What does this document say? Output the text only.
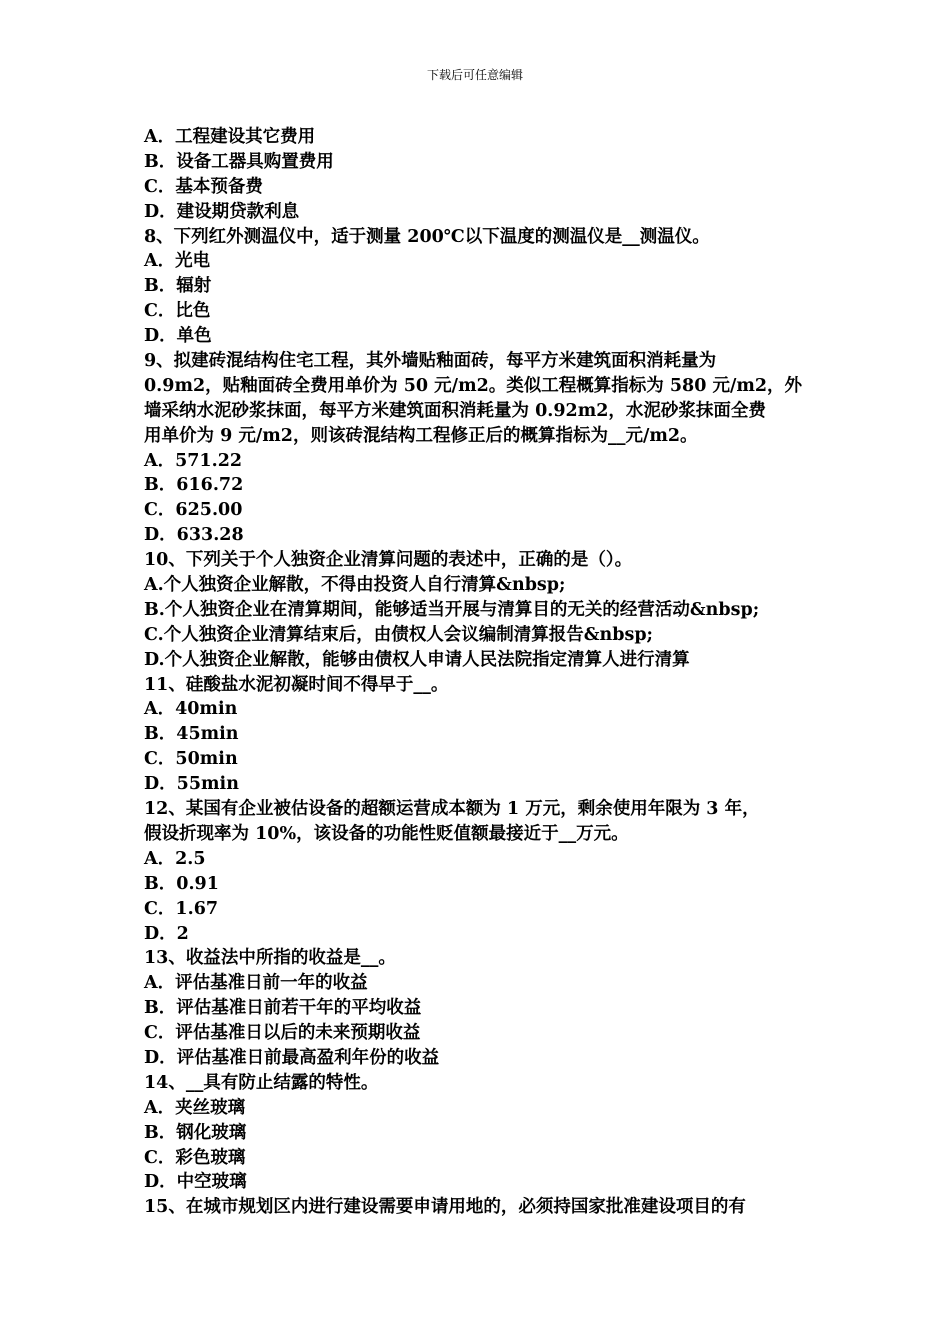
下载后可任意编辑
A．工程建设其它费用
B．设备工器具购置费用
C．基本预备费
D．建设期贷款利息
8、下列红外测温仪中，适于测量 200℃以下温度的测温仪是__测温仪。
A．光电
B．辐射
C．比色
D．单色
9、拟建砖混结构住宅工程，其外墙贴釉面砖，每平方米建筑面积消耗量为
0.9m2，贴釉面砖全费用单价为 50 元/m2。类似工程概算指标为 580 元/m2，外
墙采纳水泥砂浆抹面，每平方米建筑面积消耗量为 0.92m2，水泥砂浆抹面全费
用单价为 9 元/m2，则该砖混结构工程修正后的概算指标为__元/m2。
A．571.22
B．616.72
C．625.00
D．633.28
10、下列关于个人独资企业清算问题的表述中，正确的是（）。
A.个人独资企业解散，不得由投资人自行清算&nbsp;
B.个人独资企业在清算期间，能够适当开展与清算目的无关的经营活动&nbsp;
C.个人独资企业清算结束后，由债权人会议编制清算报告&nbsp;
D.个人独资企业解散，能够由债权人申请人民法院指定清算人进行清算
11、硅酸盐水泥初凝时间不得早于__。
A．40min
B．45min
C．50min
D．55min
12、某国有企业被估设备的超额运营成本额为 1 万元，剩余使用年限为 3 年，
假设折现率为 10%，该设备的功能性贬值额最接近于__万元。
A．2.5
B．0.91
C．1.67
D．2
13、收益法中所指的收益是__。
A．评估基准日前一年的收益
B．评估基准日前若干年的平均收益
C．评估基准日以后的未来预期收益
D．评估基准日前最高盈利年份的收益
14、__具有防止结露的特性。
A．夹丝玻璃
B．钢化玻璃
C．彩色玻璃
D．中空玻璃
15、在城市规划区内进行建设需要申请用地的，必须持国家批准建设项目的有
